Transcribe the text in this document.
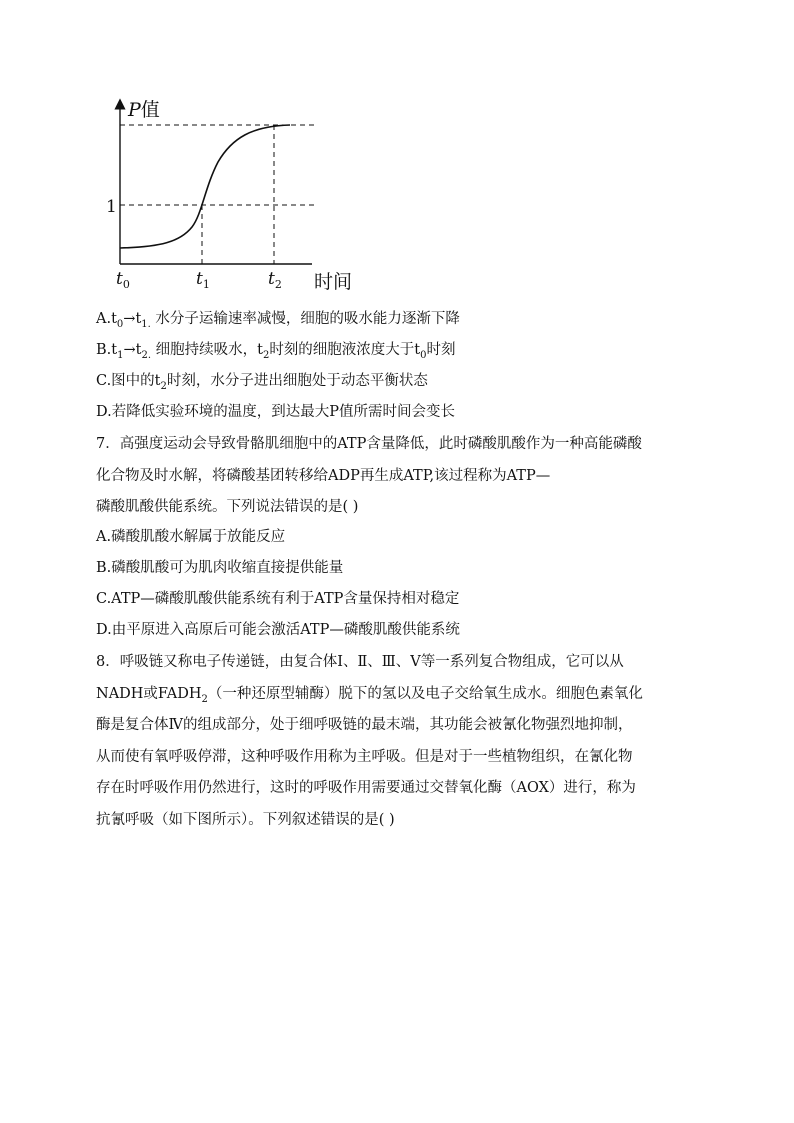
P值
1
$t_0$	$t_1$	$t_2$ 时间
$A.t_0\to t_{1.}$ 水分子运输速率减慢，细胞的吸水能力逐渐下降
$B.t_1\to t_{2.}$ 细胞持续吸水，$t_2$时刻的细胞液浓度大于$t_0$时刻
C.图中的$t_2$时刻，水分子进出细胞处于动态平衡状态
D.若降低实验环境的温度，到达最大P值所需时间会变长
7．高强度运动会导致骨骼肌细胞中的ATP含量降低，此时磷酸肌酸作为一种高能磷酸
化合物及时水解，将磷酸基团转移给ADP再生成ATP,该过程称为ATP—
磷酸肌酸供能系统。下列说法错误的是( )
A.磷酸肌酸水解属于放能反应
B.磷酸肌酸可为肌肉收缩直接提供能量
C.ATP—磷酸肌酸供能系统有利于ATP含量保持相对稳定
D.由平原进入高原后可能会激活ATP—磷酸肌酸供能系统
8．呼吸链又称电子传递链，由复合体Ⅰ、Ⅱ、Ⅲ、Ⅴ等一系列复合物组成，它可以从
NADH或$FADH_2$（一种还原型辅酶）脱下的氢以及电子交给氧生成水。细胞色素氧化
酶是复合体Ⅳ的组成部分，处于细呼吸链的最末端，其功能会被氰化物强烈地抑制，
从而使有氧呼吸停滞，这种呼吸作用称为主呼吸。但是对于一些植物组织，在氰化物
存在时呼吸作用仍然进行，这时的呼吸作用需要通过交替氧化酶（AOX）进行，称为
抗氰呼吸（如下图所示）。下列叙述错误的是( )
